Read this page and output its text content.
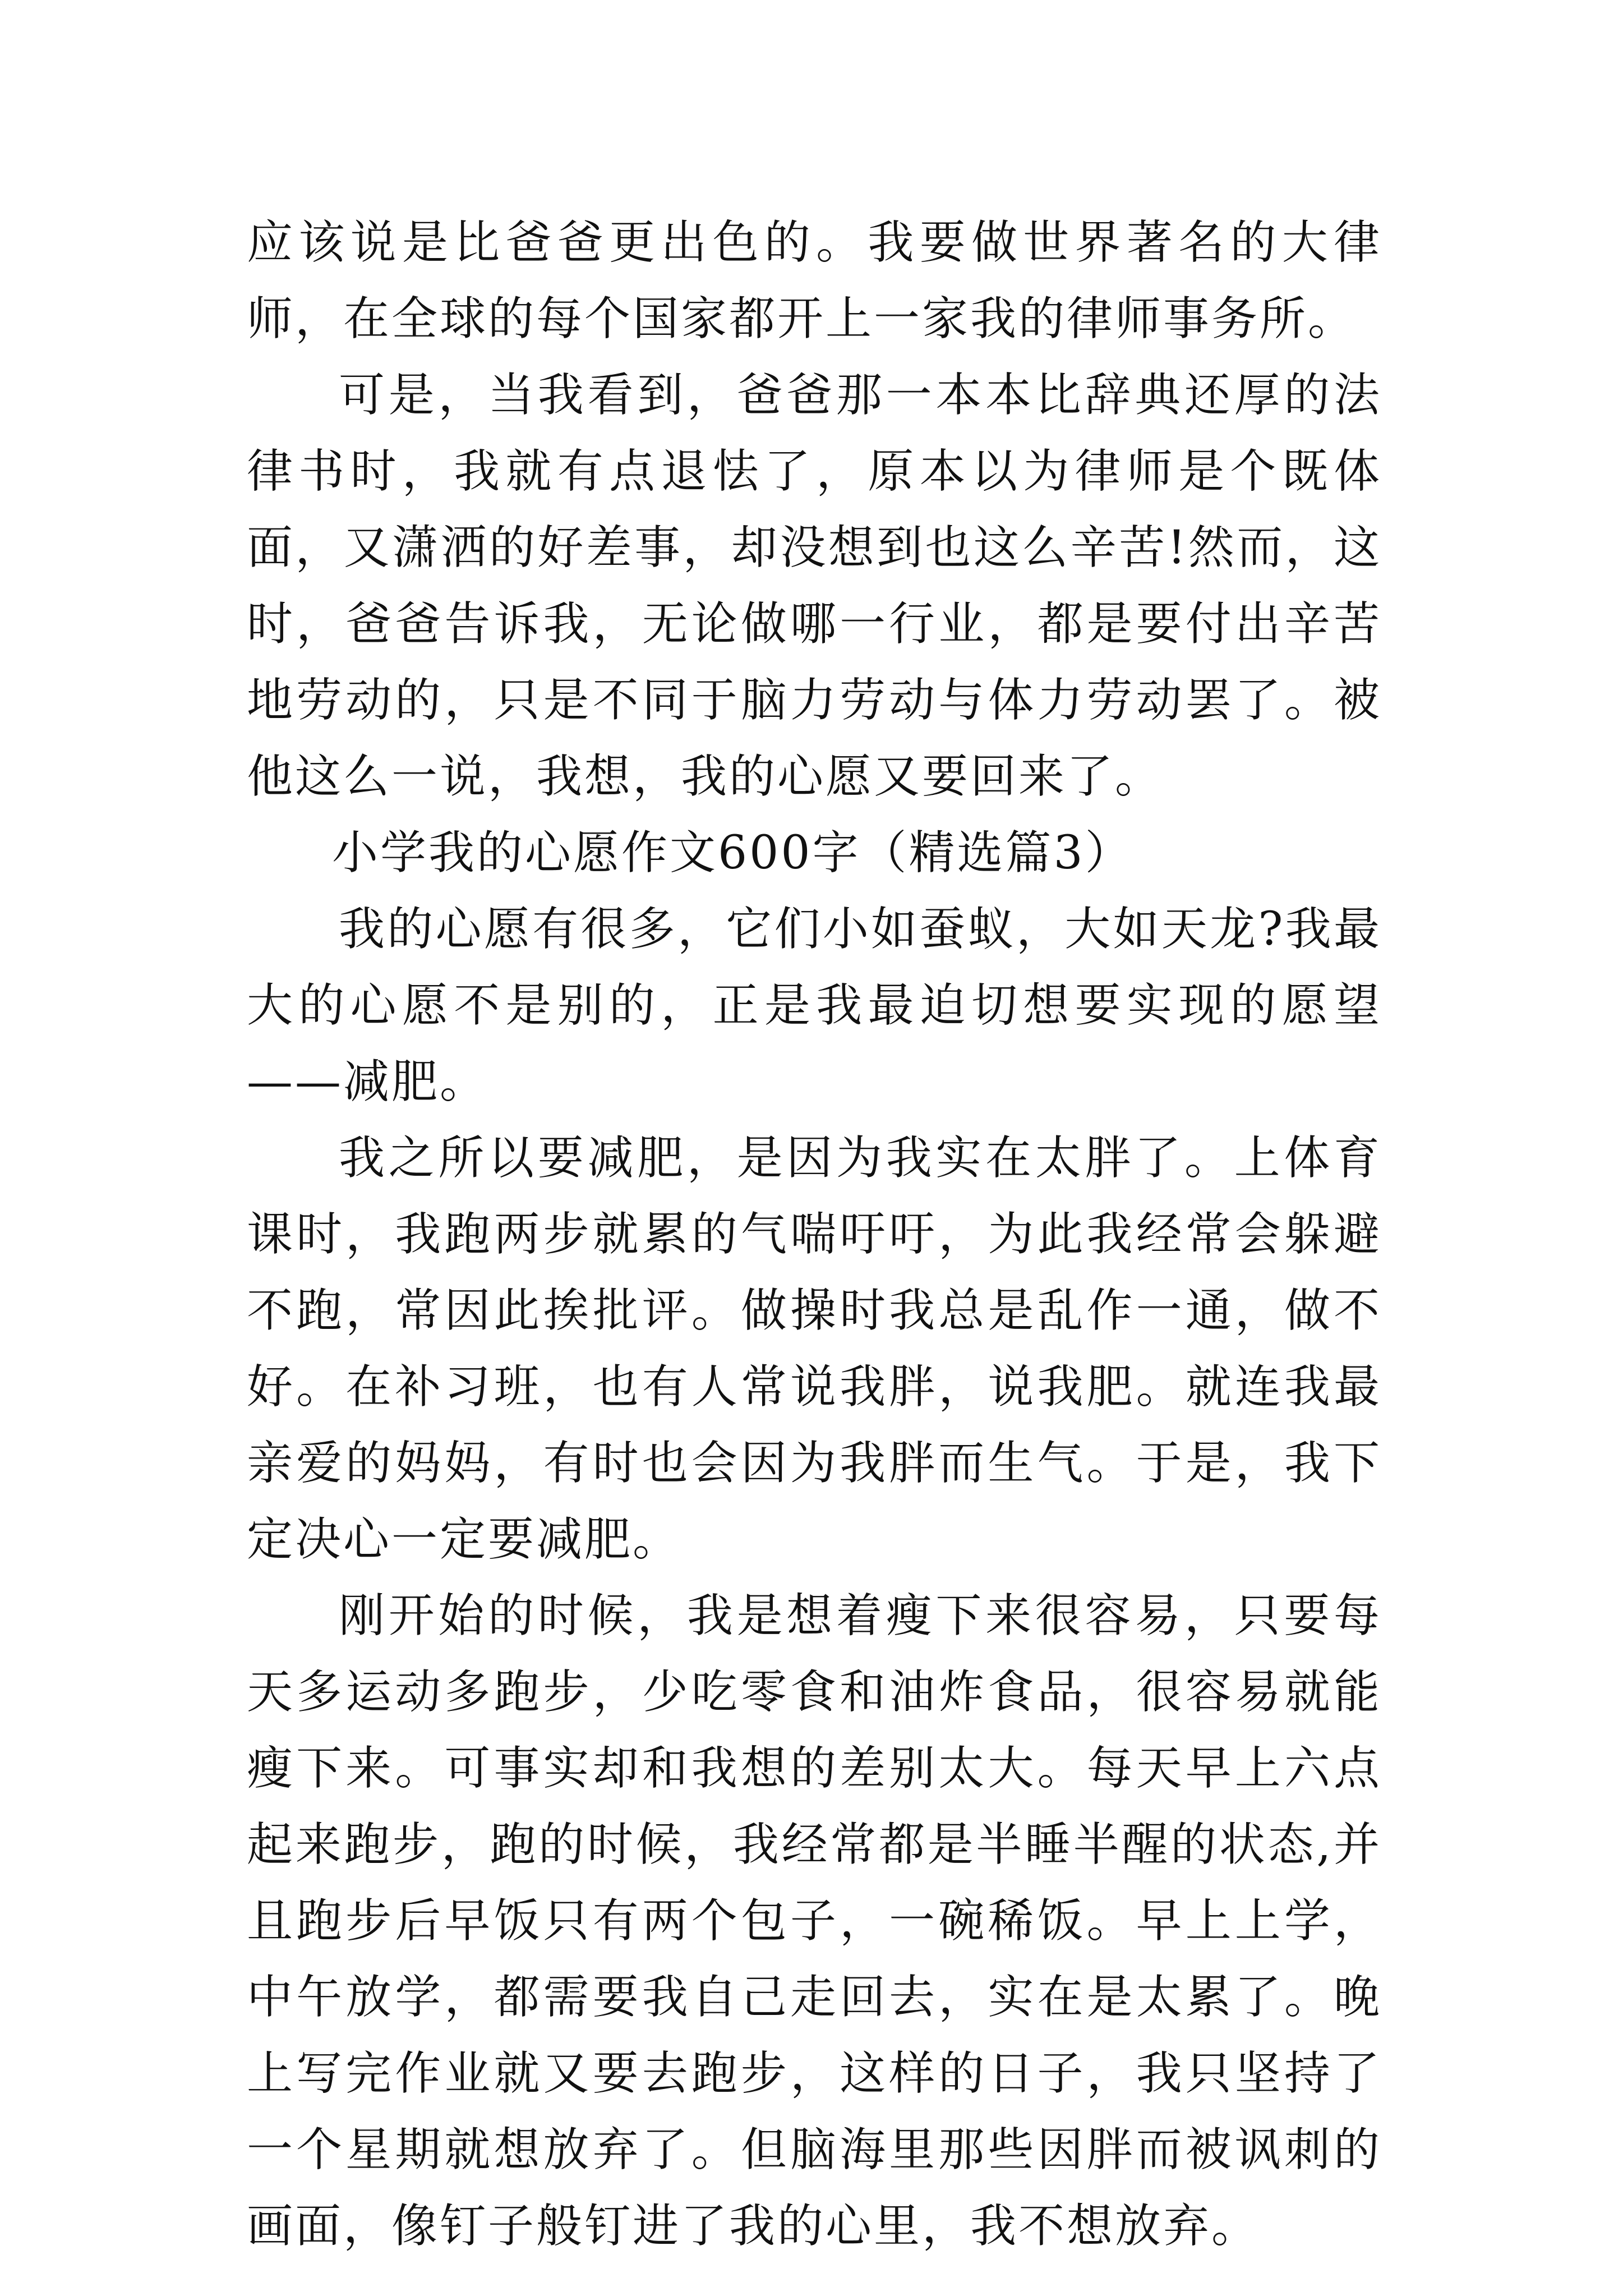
应该说是比爸爸更出色的。我要做世界著名的大律师，在全球的每个国家都开上一家我的律师事务所。

可是，当我看到，爸爸那一本本比辞典还厚的法律书时，我就有点退怯了，原本以为律师是个既体面，又潇洒的好差事，却没想到也这么辛苦!然而，这时，爸爸告诉我，无论做哪一行业，都是要付出辛苦地劳动的，只是不同于脑力劳动与体力劳动罢了。被他这么一说，我想，我的心愿又要回来了。

小学我的心愿作文600字（精选篇3）

我的心愿有很多，它们小如蚕蚁，大如天龙?我最大的心愿不是别的，正是我最迫切想要实现的愿望——减肥。

我之所以要减肥，是因为我实在太胖了。上体育课时，我跑两步就累的气喘吁吁，为此我经常会躲避不跑，常因此挨批评。做操时我总是乱作一通，做不好。在补习班，也有人常说我胖，说我肥。就连我最亲爱的妈妈，有时也会因为我胖而生气。于是，我下定决心一定要减肥。

刚开始的时候，我是想着瘦下来很容易，只要每天多运动多跑步，少吃零食和油炸食品，很容易就能瘦下来。可事实却和我想的差别太大。每天早上六点起来跑步，跑的时候，我经常都是半睡半醒的状态,并且跑步后早饭只有两个包子，一碗稀饭。早上上学，中午放学，都需要我自己走回去，实在是太累了。晚上写完作业就又要去跑步，这样的日子，我只坚持了一个星期就想放弃了。但脑海里那些因胖而被讽刺的画面，像钉子般钉进了我的心里，我不想放弃。
